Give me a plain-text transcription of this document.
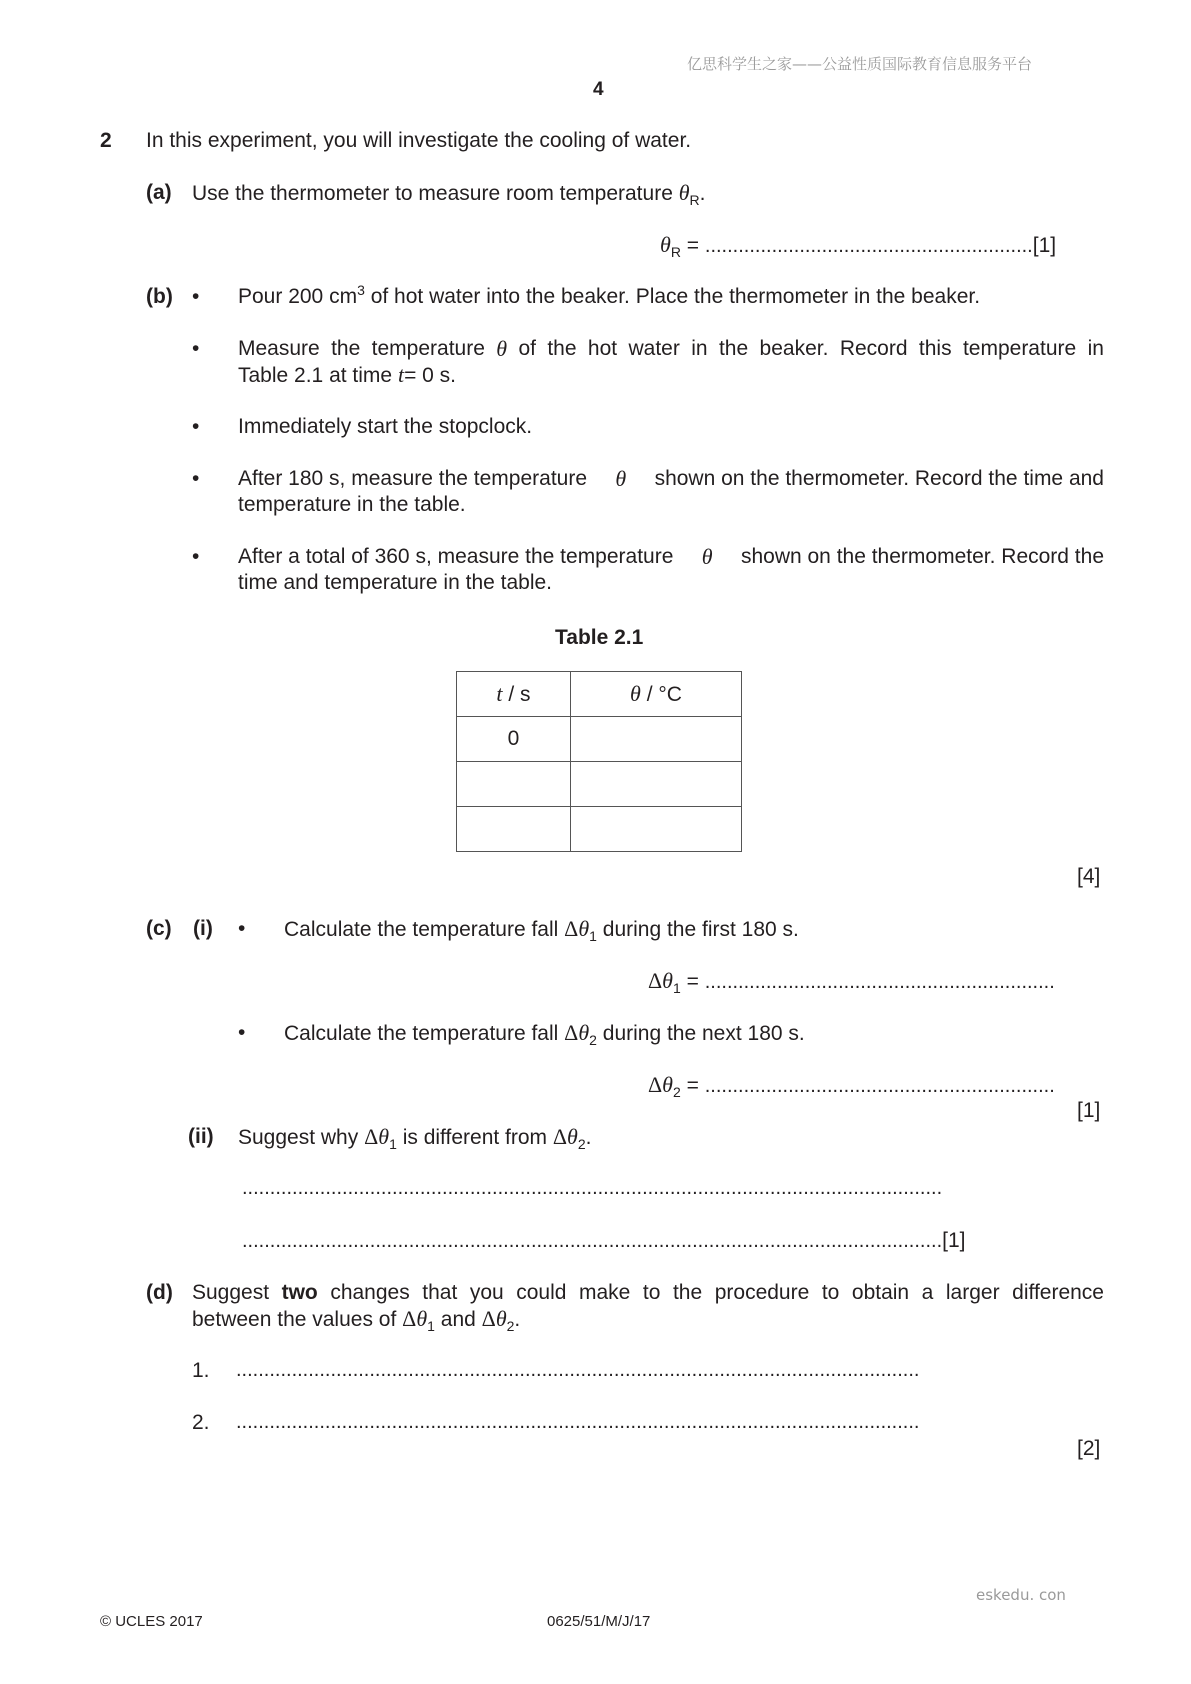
亿思科学生之家——公益性质国际教育信息服务平台
4
2 In this experiment, you will investigate the cooling of water.
(a) Use the thermometer to measure room temperature $\theta_R$.
$\theta_R = ...........................................................[1]$
(b) • Pour 200 $cm^3$ of hot water into the beaker. Place the thermometer in the beaker.
• Measure the temperature θ of the hot water in the beaker. Record this temperature in
Table 2.1 at time t= 0 s.
• Immediately start the stopclock.
• After 180 s, measure the temperature θ shown on the thermometer. Record the time and
temperature in the table.
• After a total of 360 s, measure the temperature θ shown on the thermometer. Record the
time and temperature in the table.
Table 2.1
t / s	θ / °C
0	

[4]
(c) (i) • Calculate the temperature fall $\Delta\theta_1$ during the first 180 s.
$\Delta\theta_1$ = ...............................................................
• Calculate the temperature fall $\Delta\theta_2$ during the next 180 s.
$\Delta\theta_2$ = ...............................................................
[1]
(ii) Suggest why $\Delta\theta_1$ is different from $\Delta\theta_2$.
..............................................................................................................................
..............................................................................................................................[1]
(d) Suggest two changes that you could make to the procedure to obtain a larger difference
between the values of $\Delta\theta_1$ and $\Delta\theta_2$.
1. ...........................................................................................................................
2. ...........................................................................................................................
[2]
eskedu. con
© UCLES 2017	0625/51/M/J/17
